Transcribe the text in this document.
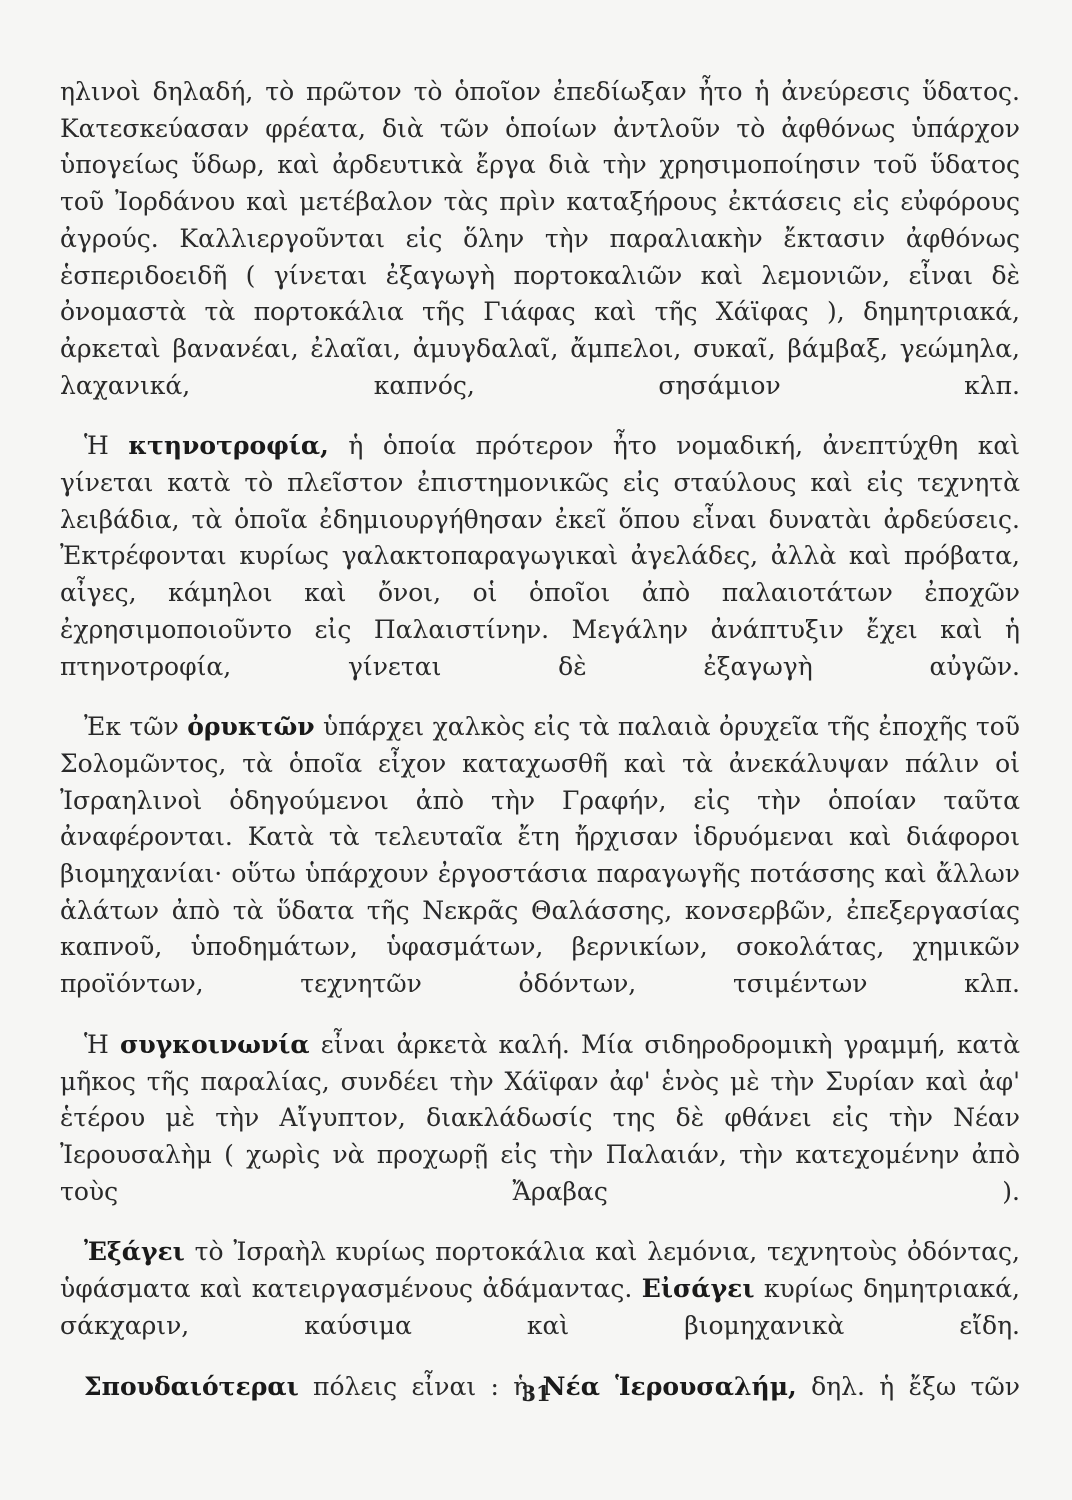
ηλινοὶ δηλαδή, τὸ πρῶτον τὸ ὁποῖον ἐπεδίωξαν ἦτο ἡ ἀνεύρεσις ὕδατος. Κατεσκεύασαν φρέατα, διὰ τῶν ὁποίων ἀντλοῦν τὸ ἀφθόνως ὑπάρχον ὑπογείως ὕδωρ, καὶ ἀρδευτικὰ ἔργα διὰ τὴν χρησιμοποίησιν τοῦ ὕδατος τοῦ Ἰορδάνου καὶ μετέβαλον τὰς πρὶν καταξήρους ἐκτάσεις εἰς εὐφόρους ἀγρούς. Καλλιεργοῦνται εἰς ὅλην τὴν παραλιακὴν ἔκτασιν ἀφθόνως ἑσπεριδοειδῆ ( γίνεται ἐξαγωγὴ πορτοκαλιῶν καὶ λεμονιῶν, εἶναι δὲ ὀνομαστὰ τὰ πορτοκάλια τῆς Γιάφας καὶ τῆς Χάϊφας ), δημητριακά, ἀρκεταὶ βανανέαι, ἐλαῖαι, ἀμυγδαλαῖ, ἄμπελοι, συκαῖ, βάμβαξ, γεώμηλα, λαχανικά, καπνός, σησάμιον κλπ.

Ἡ κτηνοτροφία, ἡ ὁποία πρότερον ἦτο νομαδική, ἀνεπτύχθη καὶ γίνεται κατὰ τὸ πλεῖστον ἐπιστημονικῶς εἰς σταύλους καὶ εἰς τεχνητὰ λειβάδια, τὰ ὁποῖα ἐδημιουργήθησαν ἐκεῖ ὅπου εἶναι δυνατὰι ἀρδεύσεις. Ἐκτρέφονται κυρίως γαλακτοπαραγωγικαὶ ἀγελάδες, ἀλλὰ καὶ πρόβατα, αἶγες, κάμηλοι καὶ ὄνοι, οἱ ὁποῖοι ἀπὸ παλαιοτάτων ἐποχῶν ἐχρησιμοποιοῦντο εἰς Παλαιστίνην. Μεγάλην ἀνάπτυξιν ἔχει καὶ ἡ πτηνοτροφία, γίνεται δὲ ἐξαγωγὴ αὐγῶν.

Ἐκ τῶν ὀρυκτῶν ὑπάρχει χαλκὸς εἰς τὰ παλαιὰ ὀρυχεῖα τῆς ἐποχῆς τοῦ Σολομῶντος, τὰ ὁποῖα εἶχον καταχωσθῆ καὶ τὰ ἀνεκάλυψαν πάλιν οἱ Ἰσραηλινοὶ ὁδηγούμενοι ἀπὸ τὴν Γραφήν, εἰς τὴν ὁποίαν ταῦτα ἀναφέρονται. Κατὰ τὰ τελευταῖα ἔτη ἤρχισαν ἱδρυόμεναι καὶ διάφοροι βιομηχανίαι· οὕτω ὑπάρχουν ἐργοστάσια παραγωγῆς ποτάσσης καὶ ἄλλων ἁλάτων ἀπὸ τὰ ὕδατα τῆς Νεκρᾶς Θαλάσσης, κονσερβῶν, ἐπεξεργασίας καπνοῦ, ὑποδημάτων, ὑφασμάτων, βερνικίων, σοκολάτας, χημικῶν προϊόντων, τεχνητῶν ὀδόντων, τσιμέντων κλπ.

Ἡ συγκοινωνία εἶναι ἀρκετὰ καλή. Μία σιδηροδρομικὴ γραμμή, κατὰ μῆκος τῆς παραλίας, συνδέει τὴν Χάϊφαν ἀφ' ἑνὸς μὲ τὴν Συρίαν καὶ ἀφ' ἑτέρου μὲ τὴν Αἴγυπτον, διακλάδωσίς της δὲ φθάνει εἰς τὴν Νέαν Ἰερουσαλὴμ ( χωρὶς νὰ προχωρῇ εἰς τὴν Παλαιάν, τὴν κατεχομένην ἀπὸ τοὺς Ἄραβας ).

Ἐξάγει τὸ Ἰσραὴλ κυρίως πορτοκάλια καὶ λεμόνια, τεχνητοὺς ὀδόντας, ὑφάσματα καὶ κατειργασμένους ἀδάμαντας. Εἰσάγει κυρίως δημητριακά, σάκχαριν, καύσιμα καὶ βιομηχανικὰ εἴδη.

Σπουδαιότεραι πόλεις εἶναι : ἡ Νέα Ἱερουσαλήμ, δηλ. ἡ ἔξω τῶν

31
